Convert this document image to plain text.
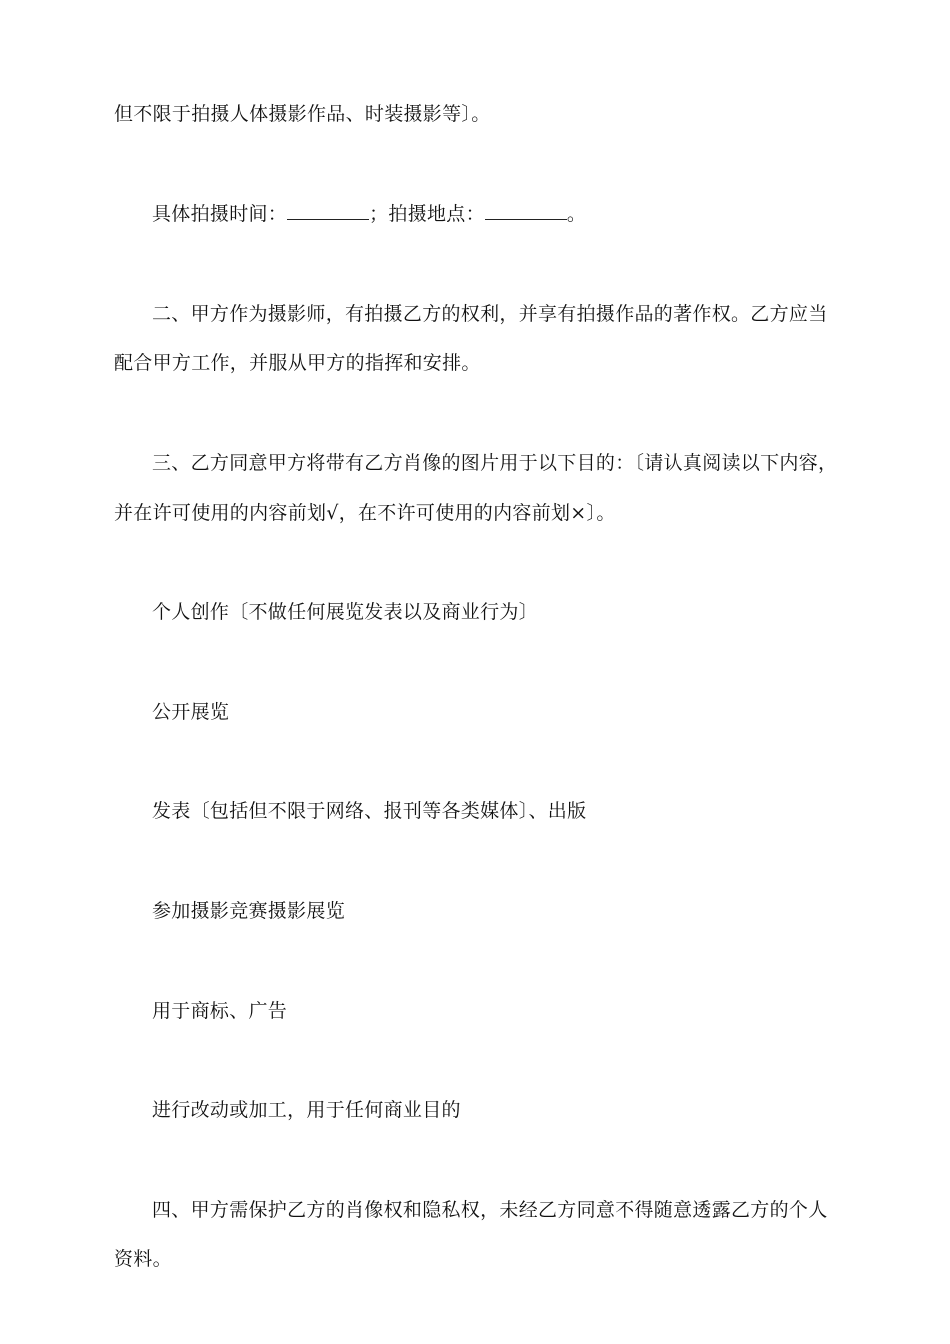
但不限于拍摄人体摄影作品、时装摄影等〕。
具体拍摄时间：	；拍摄地点：	。
二、甲方作为摄影师，有拍摄乙方的权利，并享有拍摄作品的著作权。乙方应当
配合甲方工作，并服从甲方的指挥和安排。
三、乙方同意甲方将带有乙方肖像的图片用于以下目的：〔请认真阅读以下内容，
并在许可使用的内容前划√，在不许可使用的内容前划×〕。
个人创作〔不做任何展览发表以及商业行为〕
公开展览
发表〔包括但不限于网络、报刊等各类媒体〕、出版
参加摄影竞赛摄影展览
用于商标、广告
进行改动或加工，用于任何商业目的
四、甲方需保护乙方的肖像权和隐私权，未经乙方同意不得随意透露乙方的个人
资料。
